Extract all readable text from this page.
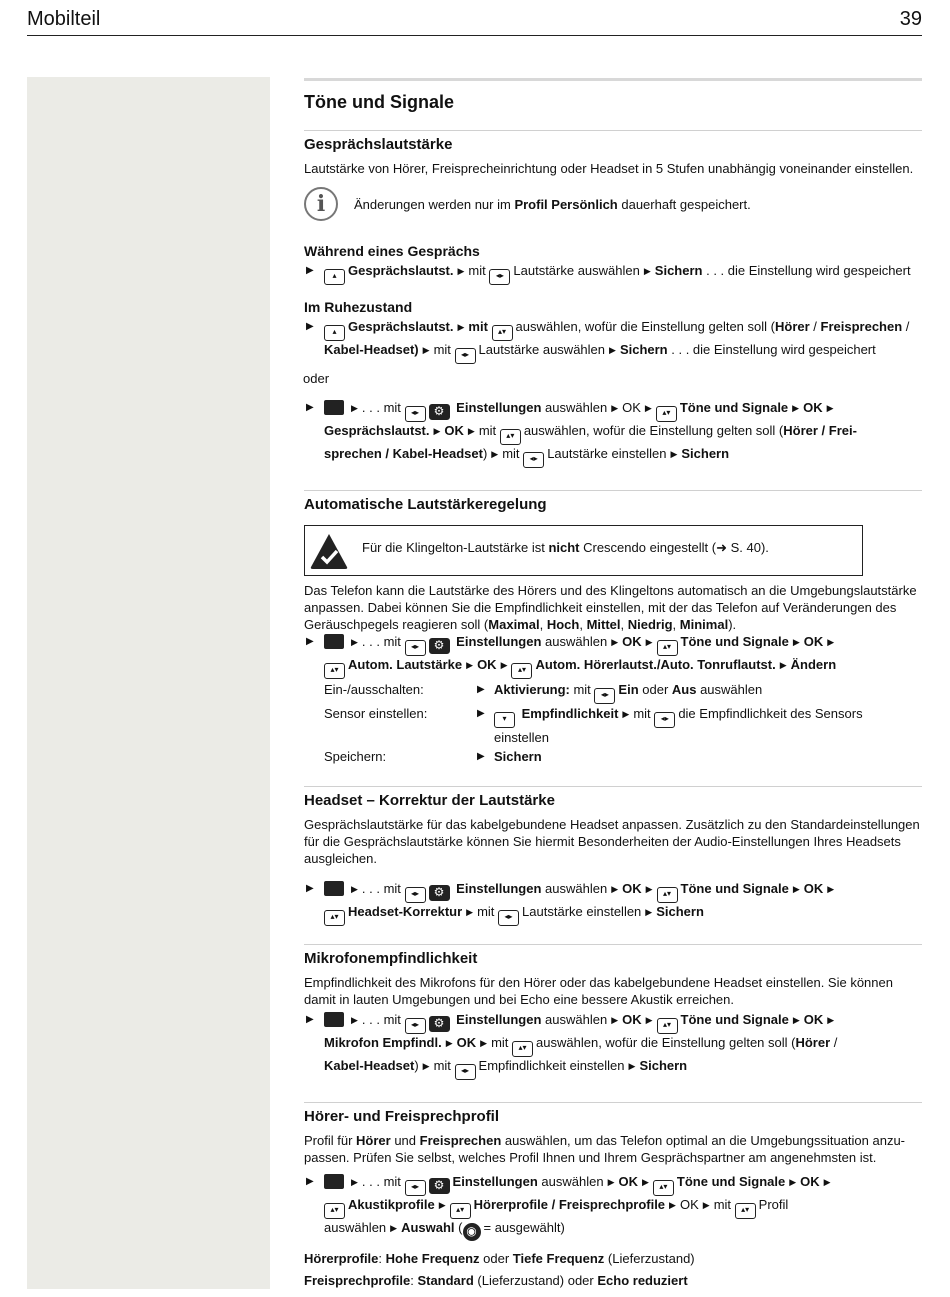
Mobilteil	39
Töne und Signale
Gesprächslautstärke

Lautstärke von Hörer, Freisprecheinrichtung oder Headset in 5 Stufen unabhängig voneinander einstellen.

i	Änderungen werden nur im Profil Persönlich dauerhaft gespeichert.
Während eines Gesprächs
▶ ▴ Gesprächslautst. ▶ mit ◂▸ Lautstärke auswählen ▶ Sichern . . . die Einstellung wird gespeichert
Im Ruhezustand
▶ ▴ Gesprächslautst. ▶ mit ▴▾ auswählen, wofür die Einstellung gelten soll (Hörer / Freisprechen /
Kabel-Headset) ▶ mit ◂▸ Lautstärke auswählen ▶ Sichern . . . die Einstellung wird gespeichert

oder

▶	▶ . . . mit ◂▸ ⚙ Einstellungen auswählen ▶ OK ▶ ▴▾ Töne und Signale ▶ OK ▶
Gesprächslautst. ▶ OK ▶ mit ▴▾ auswählen, wofür die Einstellung gelten soll (Hörer / Frei-
sprechen / Kabel-Headset) ▶ mit ◂▸ Lautstärke einstellen ▶ Sichern
Automatische Lautstärkeregelung
Für die Klingelton-Lautstärke ist nicht Crescendo eingestellt (➜ S. 40).

Das Telefon kann die Lautstärke des Hörers und des Klingeltons automatisch an die Umgebungslautstärke
anpassen. Dabei können Sie die Empfindlichkeit einstellen, mit der das Telefon auf Veränderungen des
Geräuschpegels reagieren soll (Maximal, Hoch, Mittel, Niedrig, Minimal).

▶	▶ . . . mit ◂▸ ⚙ Einstellungen auswählen ▶ OK ▶ ▴▾ Töne und Signale ▶ OK ▶
▴▾ Autom. Lautstärke ▶ OK ▶ ▴▾ Autom. Hörerlautst./Auto. Tonruflautst. ▶ Ändern
Ein-/ausschalten:	▶ Aktivierung: mit ◂▸ Ein oder Aus auswählen
Sensor einstellen:	▶ ▾ Empfindlichkeit ▶ mit ◂▸ die Empfindlichkeit des Sensors
einstellen
Speichern:	▶ Sichern
Headset – Korrektur der Lautstärke

Gesprächslautstärke für das kabelgebundene Headset anpassen. Zusätzlich zu den Standardeinstellungen
für die Gesprächslautstärke können Sie hiermit Besonderheiten der Audio-Einstellungen Ihres Headsets
ausgleichen.

▶	▶ . . . mit ◂▸ ⚙ Einstellungen auswählen ▶ OK ▶ ▴▾ Töne und Signale ▶ OK ▶
▴▾ Headset-Korrektur ▶ mit ◂▸ Lautstärke einstellen ▶ Sichern
Mikrofonempfindlichkeit

Empfindlichkeit des Mikrofons für den Hörer oder das kabelgebundene Headset einstellen. Sie können
damit in lauten Umgebungen und bei Echo eine bessere Akustik erreichen.

▶	▶ . . . mit ◂▸ ⚙ Einstellungen auswählen ▶ OK ▶ ▴▾ Töne und Signale ▶ OK ▶
Mikrofon Empfindl. ▶ OK ▶ mit ▴▾ auswählen, wofür die Einstellung gelten soll (Hörer /
Kabel-Headset) ▶ mit ◂▸ Empfindlichkeit einstellen ▶ Sichern
Hörer- und Freisprechprofil

Profil für Hörer und Freisprechen auswählen, um das Telefon optimal an die Umgebungssituation anzu-
passen. Prüfen Sie selbst, welches Profil Ihnen und Ihrem Gesprächspartner am angenehmsten ist.

▶	▶ . . . mit ◂▸ ⚙ Einstellungen auswählen ▶ OK ▶ ▴▾ Töne und Signale ▶ OK ▶
▴▾ Akustikprofile ▶ ▴▾ Hörerprofile / Freisprechprofile ▶ OK ▶ mit ▴▾ Profil
auswählen ▶ Auswahl ( ◉ = ausgewählt)

Hörerprofile: Hohe Frequenz oder Tiefe Frequenz (Lieferzustand)

Freisprechprofile: Standard (Lieferzustand) oder Echo reduziert
